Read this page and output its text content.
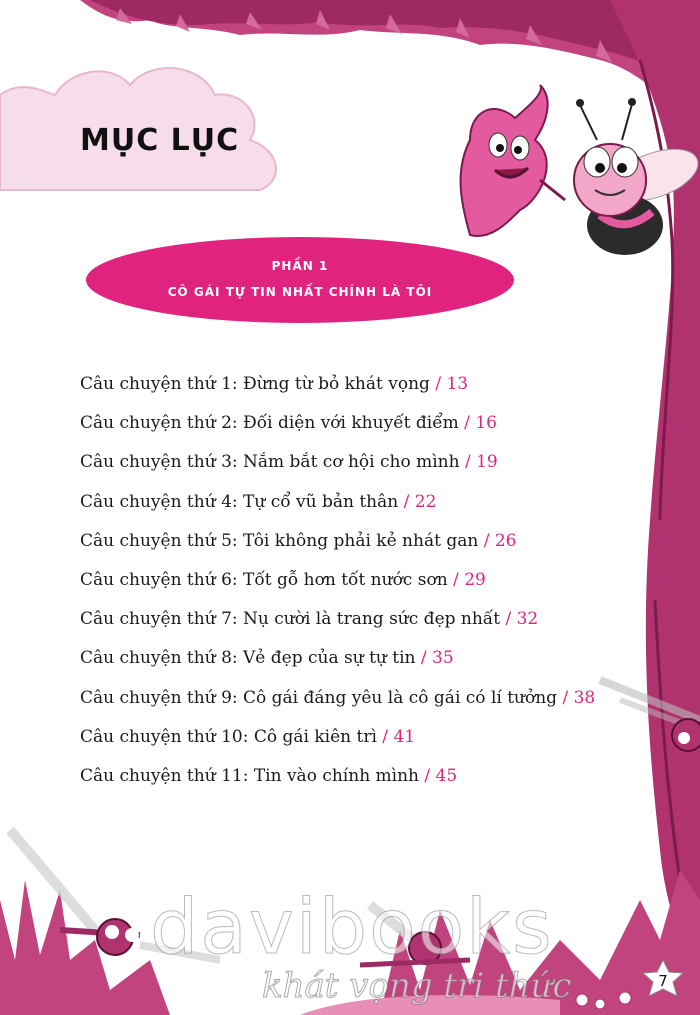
MỤC LỤC
PHẦN 1
CÔ GÁI TỰ TIN NHẤT CHÍNH LÀ TÔI
Câu chuyện thứ 1: Đừng từ bỏ khát vọng / 13
Câu chuyện thứ 2: Đối diện với khuyết điểm / 16
Câu chuyện thứ 3: Nắm bắt cơ hội cho mình / 19
Câu chuyện thứ 4: Tự cổ vũ bản thân / 22
Câu chuyện thứ 5: Tôi không phải kẻ nhát gan / 26
Câu chuyện thứ 6: Tốt gỗ hơn tốt nước sơn / 29
Câu chuyện thứ 7: Nụ cười là trang sức đẹp nhất / 32
Câu chuyện thứ 8: Vẻ đẹp của sự tự tin / 35
Câu chuyện thứ 9: Cô gái đáng yêu là cô gái có lí tưởng / 38
Câu chuyện thứ 10: Cô gái kiên trì / 41
Câu chuyện thứ 11: Tin vào chính mình / 45
davibooks
khát vọng tri thức	7
